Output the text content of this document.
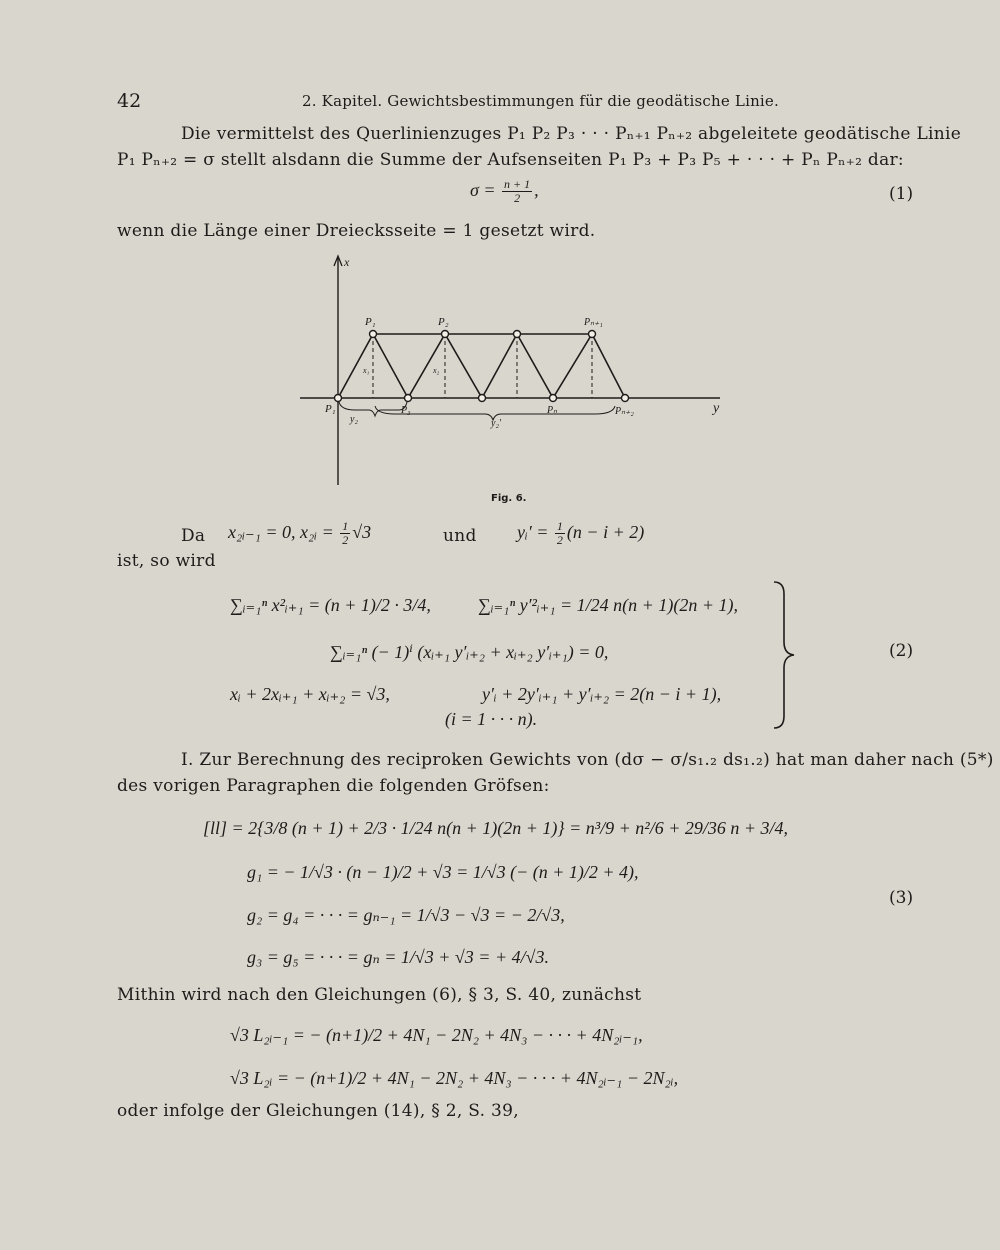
42	2. Kapitel. Gewichtsbestimmungen für die geodätische Linie.
Die vermittelst des Querlinienzuges P₁ P₂ P₃ · · · Pₙ₊₁ Pₙ₊₂ abgeleitete geodätische Linie
P₁ Pₙ₊₂ = σ stellt alsdann die Summe der Aufsenseiten P₁ P₃ + P₃ P₅ + · · · + Pₙ Pₙ₊₂ dar:
$\sigma = \frac{n + 1}{2}$ ,	(1)
wenn die Länge einer Dreiecksseite = 1 gesetzt wird.
x
y
P₁
P₁	P₂	Pₙ₊₁
P₃	Pₙ	Pₙ₊₂
y₂	y₂′
x₁	x₂
Fig. 6.
Da x₂ᵢ₋₁ = 0, x₂ᵢ = $\frac{1}{2} √3$	und yᵢ′ = $\frac{1}{2} (n - i + 2)$
ist, so wird
∑ᵢ₌₁ⁿ x²ᵢ₊₁ = (n + 1)/2 · 3/4,	∑ᵢ₌₁ⁿ y′²ᵢ₊₁ = 1/24 n(n + 1)(2n + 1),
∑ᵢ₌₁ⁿ (− 1)ⁱ (xᵢ₊₁ y′ᵢ₊₂ + xᵢ₊₂ y′ᵢ₊₁) = 0,
xᵢ + 2xᵢ₊₁ + xᵢ₊₂ = √3,	y′ᵢ + 2y′ᵢ₊₁ + y′ᵢ₊₂ = 2(n − i + 1),
(i = 1 · · · n).
(2)
I. Zur Berechnung des reciproken Gewichts von (dσ − σ/s₁.₂ ds₁.₂) hat man daher nach (5*)
des vorigen Paragraphen die folgenden Gröfsen:
[ll] = 2{3/8 (n + 1) + 2/3 · 1/24 n(n + 1)(2n + 1)} = n³/9 + n²/6 + 29/36 n + 3/4,
g₁ = − 1/√3 · (n − 1)/2 + √3 = 1/√3 (− (n + 1)/2 + 4),
g₂ = g₄ = · · · = gₙ₋₁ = 1/√3 − √3 = − 2/√3,
g₃ = g₅ = · · · = gₙ = 1/√3 + √3 = + 4/√3.
(3)
Mithin wird nach den Gleichungen (6), § 3, S. 40, zunächst
√3 L₂ᵢ₋₁ = − (n+1)/2 + 4N₁ − 2N₂ + 4N₃ − · · · + 4N₂ᵢ₋₁,
√3 L₂ᵢ = − (n+1)/2 + 4N₁ − 2N₂ + 4N₃ − · · · + 4N₂ᵢ₋₁ − 2N₂ᵢ,
oder infolge der Gleichungen (14), § 2, S. 39,
